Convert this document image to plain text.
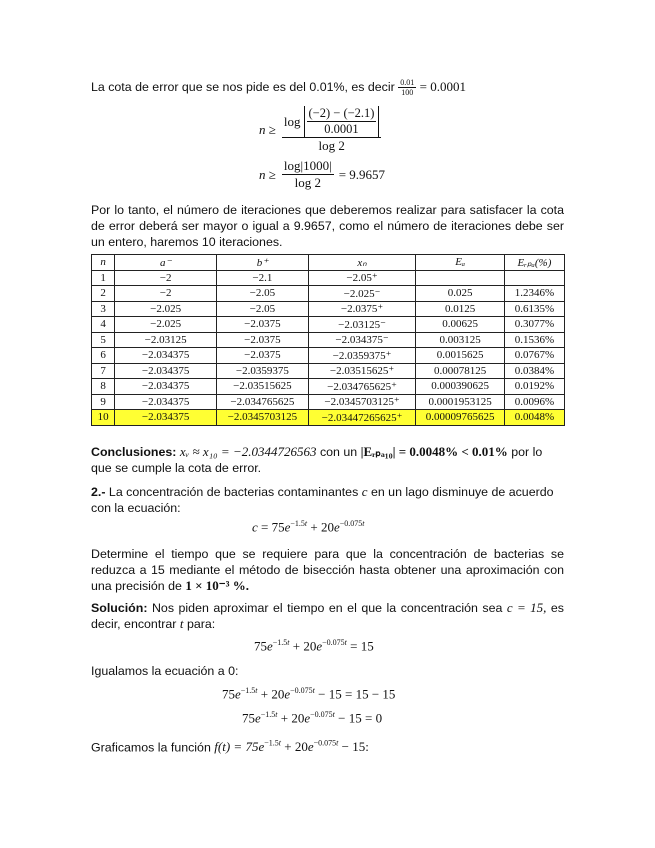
La cota de error que se nos pide es del 0.01%, es decir $\frac{0.01}{100} = 0.0001$
$n \ge \frac{\log \frac{(-2) - (-2.1)}{0.0001}}{\log 2}$
$n \ge \frac{\log|1000|}{\log 2} = 9.9657$
Por lo tanto, el número de iteraciones que deberemos realizar para satisfacer la cota de error deberá ser mayor o igual a 9.9657, como el número de iteraciones debe ser un entero, haremos 10 iteraciones.
n	a⁻	b⁺	xₙ	Eₐ	Eᵣₚₐ(%)
1	−2	−2.1	−2.05⁺		
2	−2	−2.05	−2.025⁻	0.025	1.2346%
3	−2.025	−2.05	−2.0375⁺	0.0125	0.6135%
4	−2.025	−2.0375	−2.03125⁻	0.00625	0.3077%
5	−2.03125	−2.0375	−2.034375⁻	0.003125	0.1536%
6	−2.034375	−2.0375	−2.0359375⁺	0.0015625	0.0767%
7	−2.034375	−2.0359375	−2.03515625⁺	0.00078125	0.0384%
8	−2.034375	−2.03515625	−2.034765625⁺	0.000390625	0.0192%
9	−2.034375	−2.034765625	−2.0345703125⁺	0.0001953125	0.0096%
10	−2.034375	−2.0345703125	−2.03447265625⁺	0.00009765625	0.0048%
Conclusiones: xᵥ ≈ x₁₀ = −2.0344726563 con un |Eᵣₚₐ₁₀| = 0.0048% < 0.01% por lo que se cumple la cota de error.
2.- La concentración de bacterias contaminantes c en un lago disminuye de acuerdo con la ecuación:
$c = 75e^{-1.5t} + 20e^{-0.075t}$
Determine el tiempo que se requiere para que la concentración de bacterias se reduzca a 15 mediante el método de bisección hasta obtener una aproximación con una precisión de 1 × 10⁻³ %.
Solución: Nos piden aproximar el tiempo en el que la concentración sea c = 15, es decir, encontrar t para:
$75e^{-1.5t} + 20e^{-0.075t} = 15$
Igualamos la ecuación a 0:
$75e^{-1.5t} + 20e^{-0.075t} - 15 = 15 - 15$
$75e^{-1.5t} + 20e^{-0.075t} - 15 = 0$
Graficamos la función $f(t) = 75e^{-1.5t} + 20e^{-0.075t} - 15$:
